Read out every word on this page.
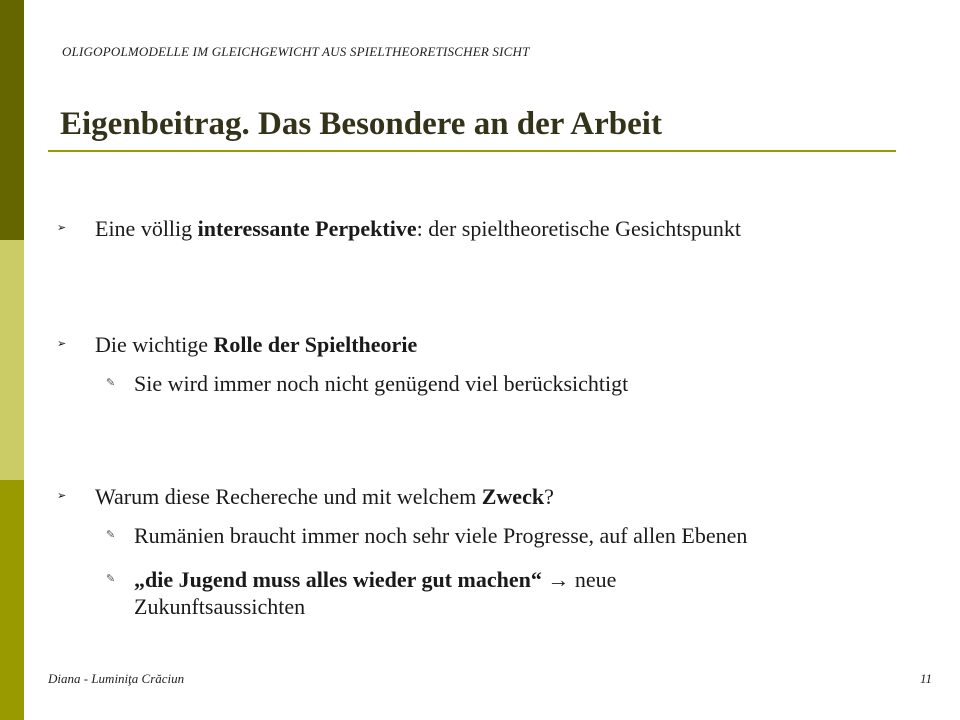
OLIGOPOLMODELLE IM GLEICHGEWICHT AUS SPIELTHEORETISCHER SICHT
Eigenbeitrag. Das Besondere an der Arbeit
➢ Eine völlig interessante Perpektive: der spieltheoretische Gesichtspunkt
➢ Die wichtige Rolle der Spieltheorie
✎ Sie wird immer noch nicht genügend viel berücksichtigt
➢ Warum diese Rechereche und mit welchem Zweck?
✎ Rumänien braucht immer noch sehr viele Progresse, auf allen Ebenen
✎ „die Jugend muss alles wieder gut machen“ → neue
Zukunftsaussichten
Diana - Luminiţa Crăciun	11
